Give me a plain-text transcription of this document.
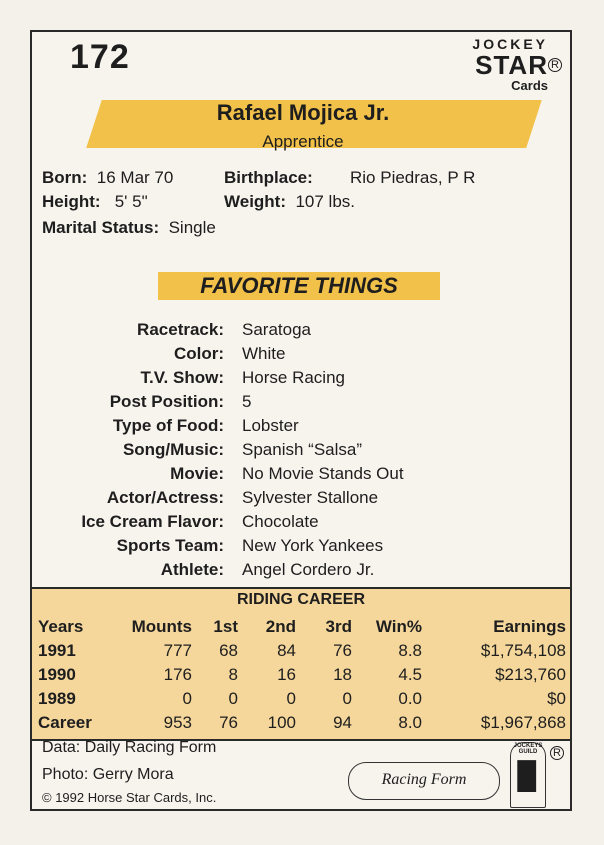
172	JOCKEY
STAR R
Cards
Rafael Mojica Jr.
Apprentice
Born: 16 Mar 70	Birthplace: Rio Piedras, P R
Height: 5' 5"	Weight: 107 lbs.
Marital Status: Single
FAVORITE THINGS
Racetrack: Saratoga
Color: White
T.V. Show: Horse Racing
Post Position: 5
Type of Food: Lobster
Song/Music: Spanish “Salsa”
Movie: No Movie Stands Out
Actor/Actress: Sylvester Stallone
Ice Cream Flavor: Chocolate
Sports Team: New York Yankees
Athlete: Angel Cordero Jr.
RIDING CAREER
Years	Mounts	1st	2nd	3rd	Win%	Earnings
1991	777	68	84	76	8.8	$1,754,108
1990	176	8	16	18	4.5	$213,760
1989	0	0	0	0	0.0	$0
Career	953	76	100	94	8.0	$1,967,868
Data: Daily Racing Form
Photo: Gerry Mora
© 1992 Horse Star Cards, Inc.
Racing Form
JOCKEYS GUILD
▉
R
